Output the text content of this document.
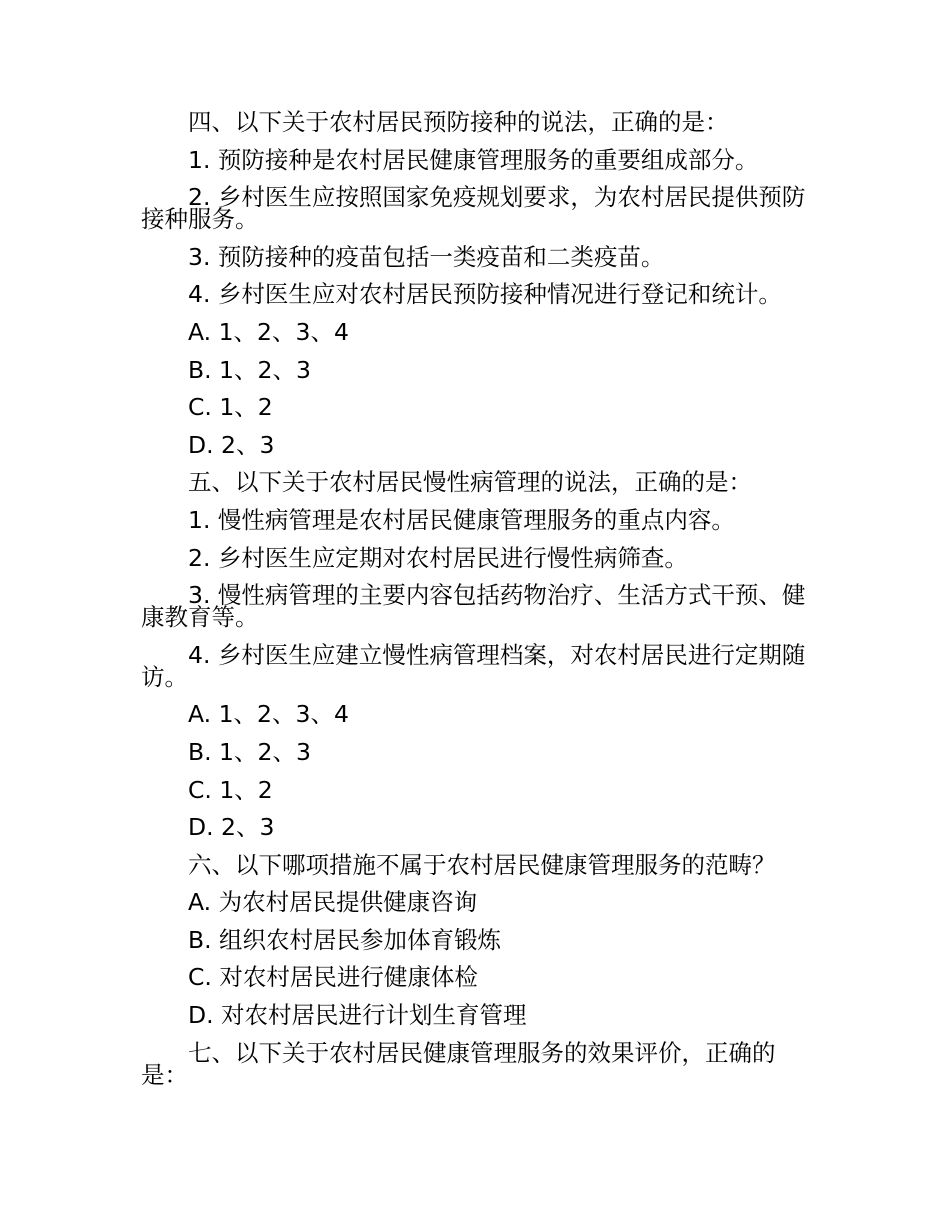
四、以下关于农村居民预防接种的说法，正确的是：

1. 预防接种是农村居民健康管理服务的重要组成部分。

2. 乡村医生应按照国家免疫规划要求，为农村居民提供预防接种服务。

3. 预防接种的疫苗包括一类疫苗和二类疫苗。

4. 乡村医生应对农村居民预防接种情况进行登记和统计。

A. 1、2、3、4

B. 1、2、3

C. 1、2

D. 2、3

五、以下关于农村居民慢性病管理的说法，正确的是：

1. 慢性病管理是农村居民健康管理服务的重点内容。

2. 乡村医生应定期对农村居民进行慢性病筛查。

3. 慢性病管理的主要内容包括药物治疗、生活方式干预、健康教育等。

4. 乡村医生应建立慢性病管理档案，对农村居民进行定期随访。

A. 1、2、3、4

B. 1、2、3

C. 1、2

D. 2、3

六、以下哪项措施不属于农村居民健康管理服务的范畴？

A. 为农村居民提供健康咨询

B. 组织农村居民参加体育锻炼

C. 对农村居民进行健康体检

D. 对农村居民进行计划生育管理

七、以下关于农村居民健康管理服务的效果评价，正确的是：
